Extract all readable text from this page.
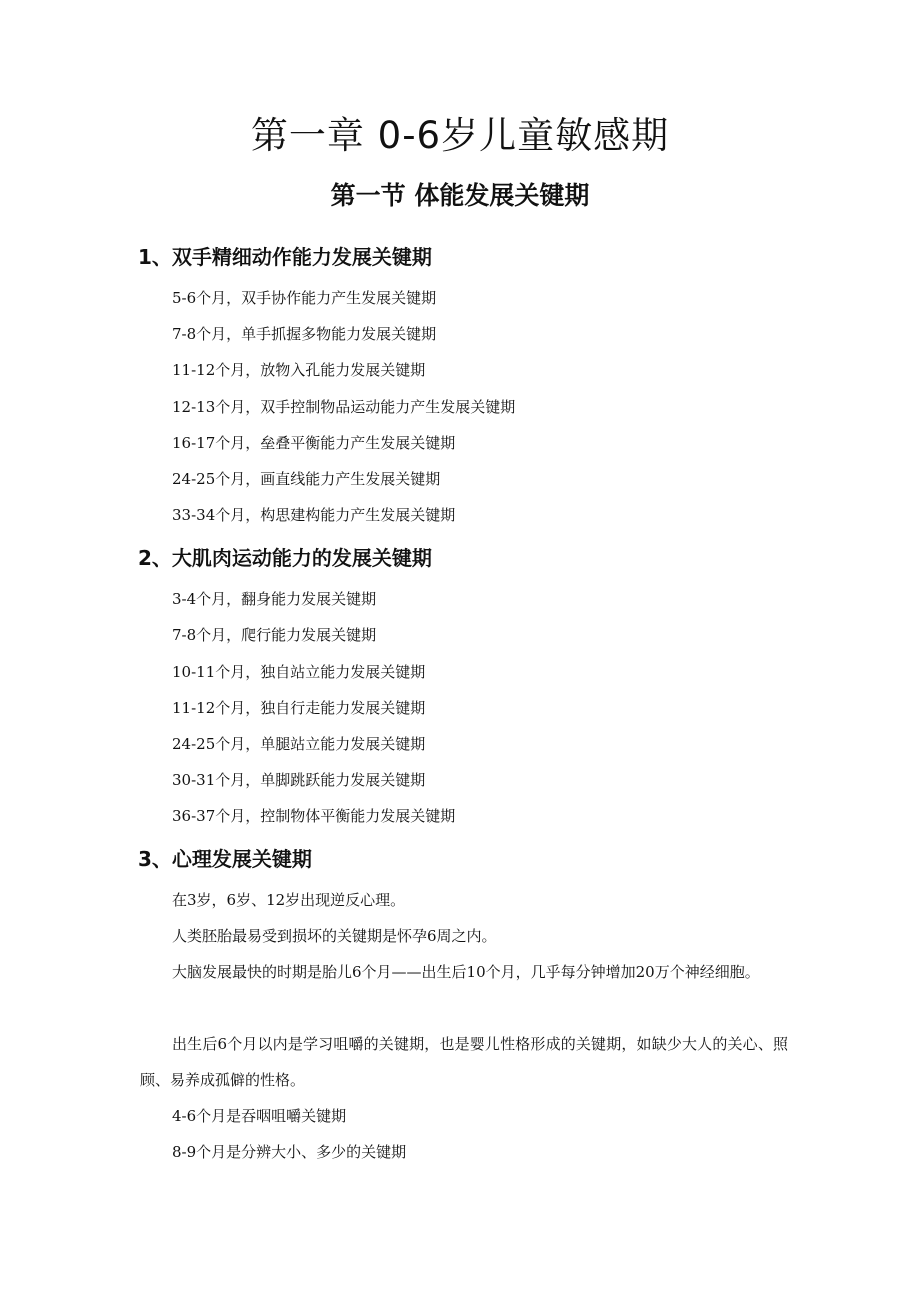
第一章 0-6岁儿童敏感期
第一节 体能发展关键期
1、双手精细动作能力发展关键期
5-6个月，双手协作能力产生发展关键期
7-8个月，单手抓握多物能力发展关键期
11-12个月，放物入孔能力发展关键期
12-13个月，双手控制物品运动能力产生发展关键期
16-17个月，垒叠平衡能力产生发展关键期
24-25个月，画直线能力产生发展关键期
33-34个月，构思建构能力产生发展关键期
2、大肌肉运动能力的发展关键期
3-4个月，翻身能力发展关键期
7-8个月，爬行能力发展关键期
10-11个月，独自站立能力发展关键期
11-12个月，独自行走能力发展关键期
24-25个月，单腿站立能力发展关键期
30-31个月，单脚跳跃能力发展关键期
36-37个月，控制物体平衡能力发展关键期
3、心理发展关键期
在3岁，6岁、12岁出现逆反心理。
人类胚胎最易受到损坏的关键期是怀孕6周之内。
大脑发展最快的时期是胎儿6个月——出生后10个月，几乎每分钟增加20万个神经细胞。
出生后6个月以内是学习咀嚼的关键期，也是婴儿性格形成的关键期，如缺少大人的关心、照顾、易养成孤僻的性格。
4-6个月是吞咽咀嚼关键期
8-9个月是分辨大小、多少的关键期
